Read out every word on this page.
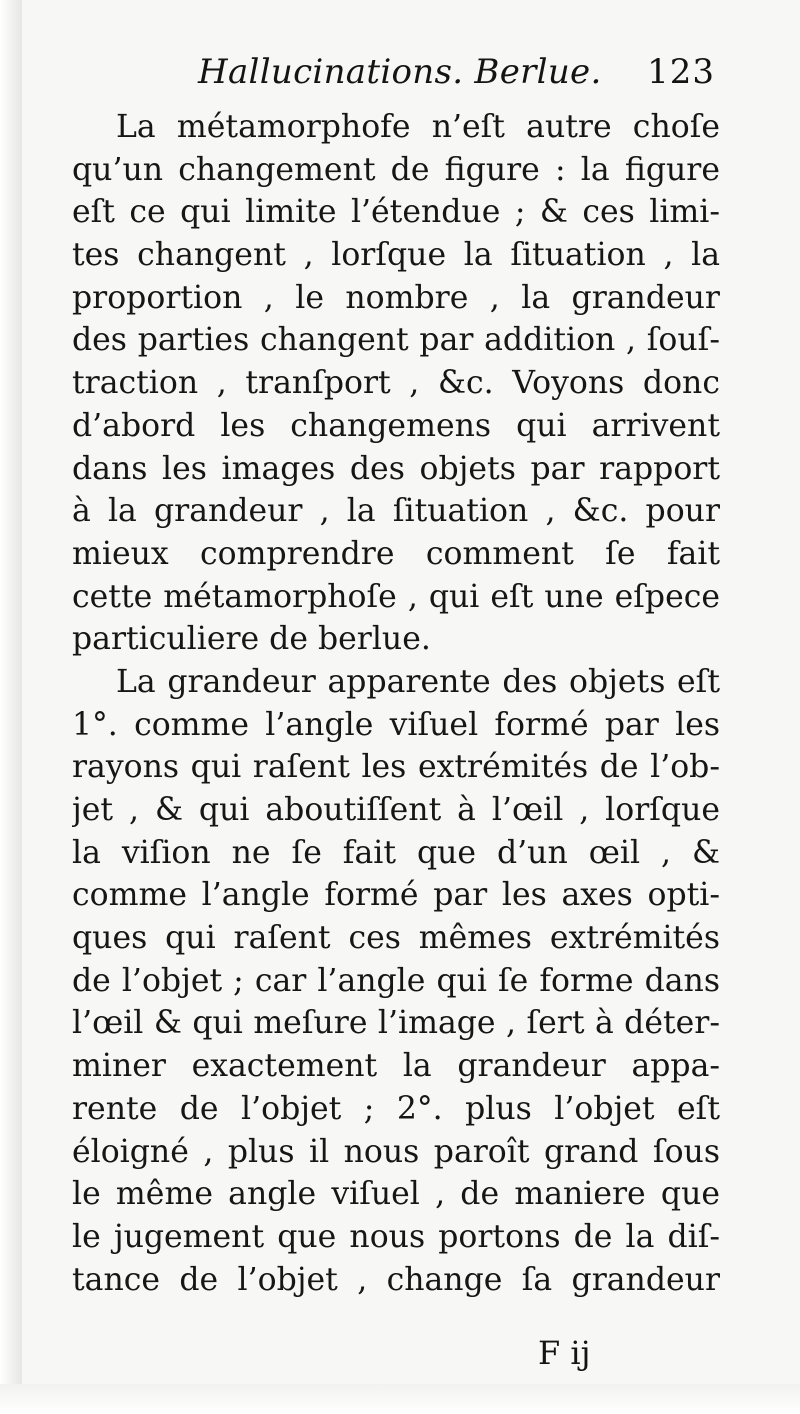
Hallucinations. Berlue. 123
La métamorphofe n’eſt autre choſe
qu’un changement de figure : la figure
eſt ce qui limite l’étendue ; & ces limi-
tes changent , lorſque la ſituation , la
proportion , le nombre , la grandeur
des parties changent par addition , ſouſ-
traction , tranſport , &c. Voyons donc
d’abord les changemens qui arrivent
dans les images des objets par rapport
à la grandeur , la ſituation , &c. pour
mieux comprendre comment ſe fait
cette métamorphoſe , qui eſt une eſpece
particuliere de berlue.
La grandeur apparente des objets eſt
1°. comme l’angle viſuel formé par les
rayons qui raſent les extrémités de l’ob-
jet , & qui aboutiſſent à l’œil , lorſque
la viſion ne ſe fait que d’un œil , &
comme l’angle formé par les axes opti-
ques qui raſent ces mêmes extrémités
de l’objet ; car l’angle qui ſe forme dans
l’œil & qui meſure l’image , ſert à déter-
miner exactement la grandeur appa-
rente de l’objet ; 2°. plus l’objet eſt
éloigné , plus il nous paroît grand ſous
le même angle viſuel , de maniere que
le jugement que nous portons de la diſ-
tance de l’objet , change ſa grandeur
F ij
